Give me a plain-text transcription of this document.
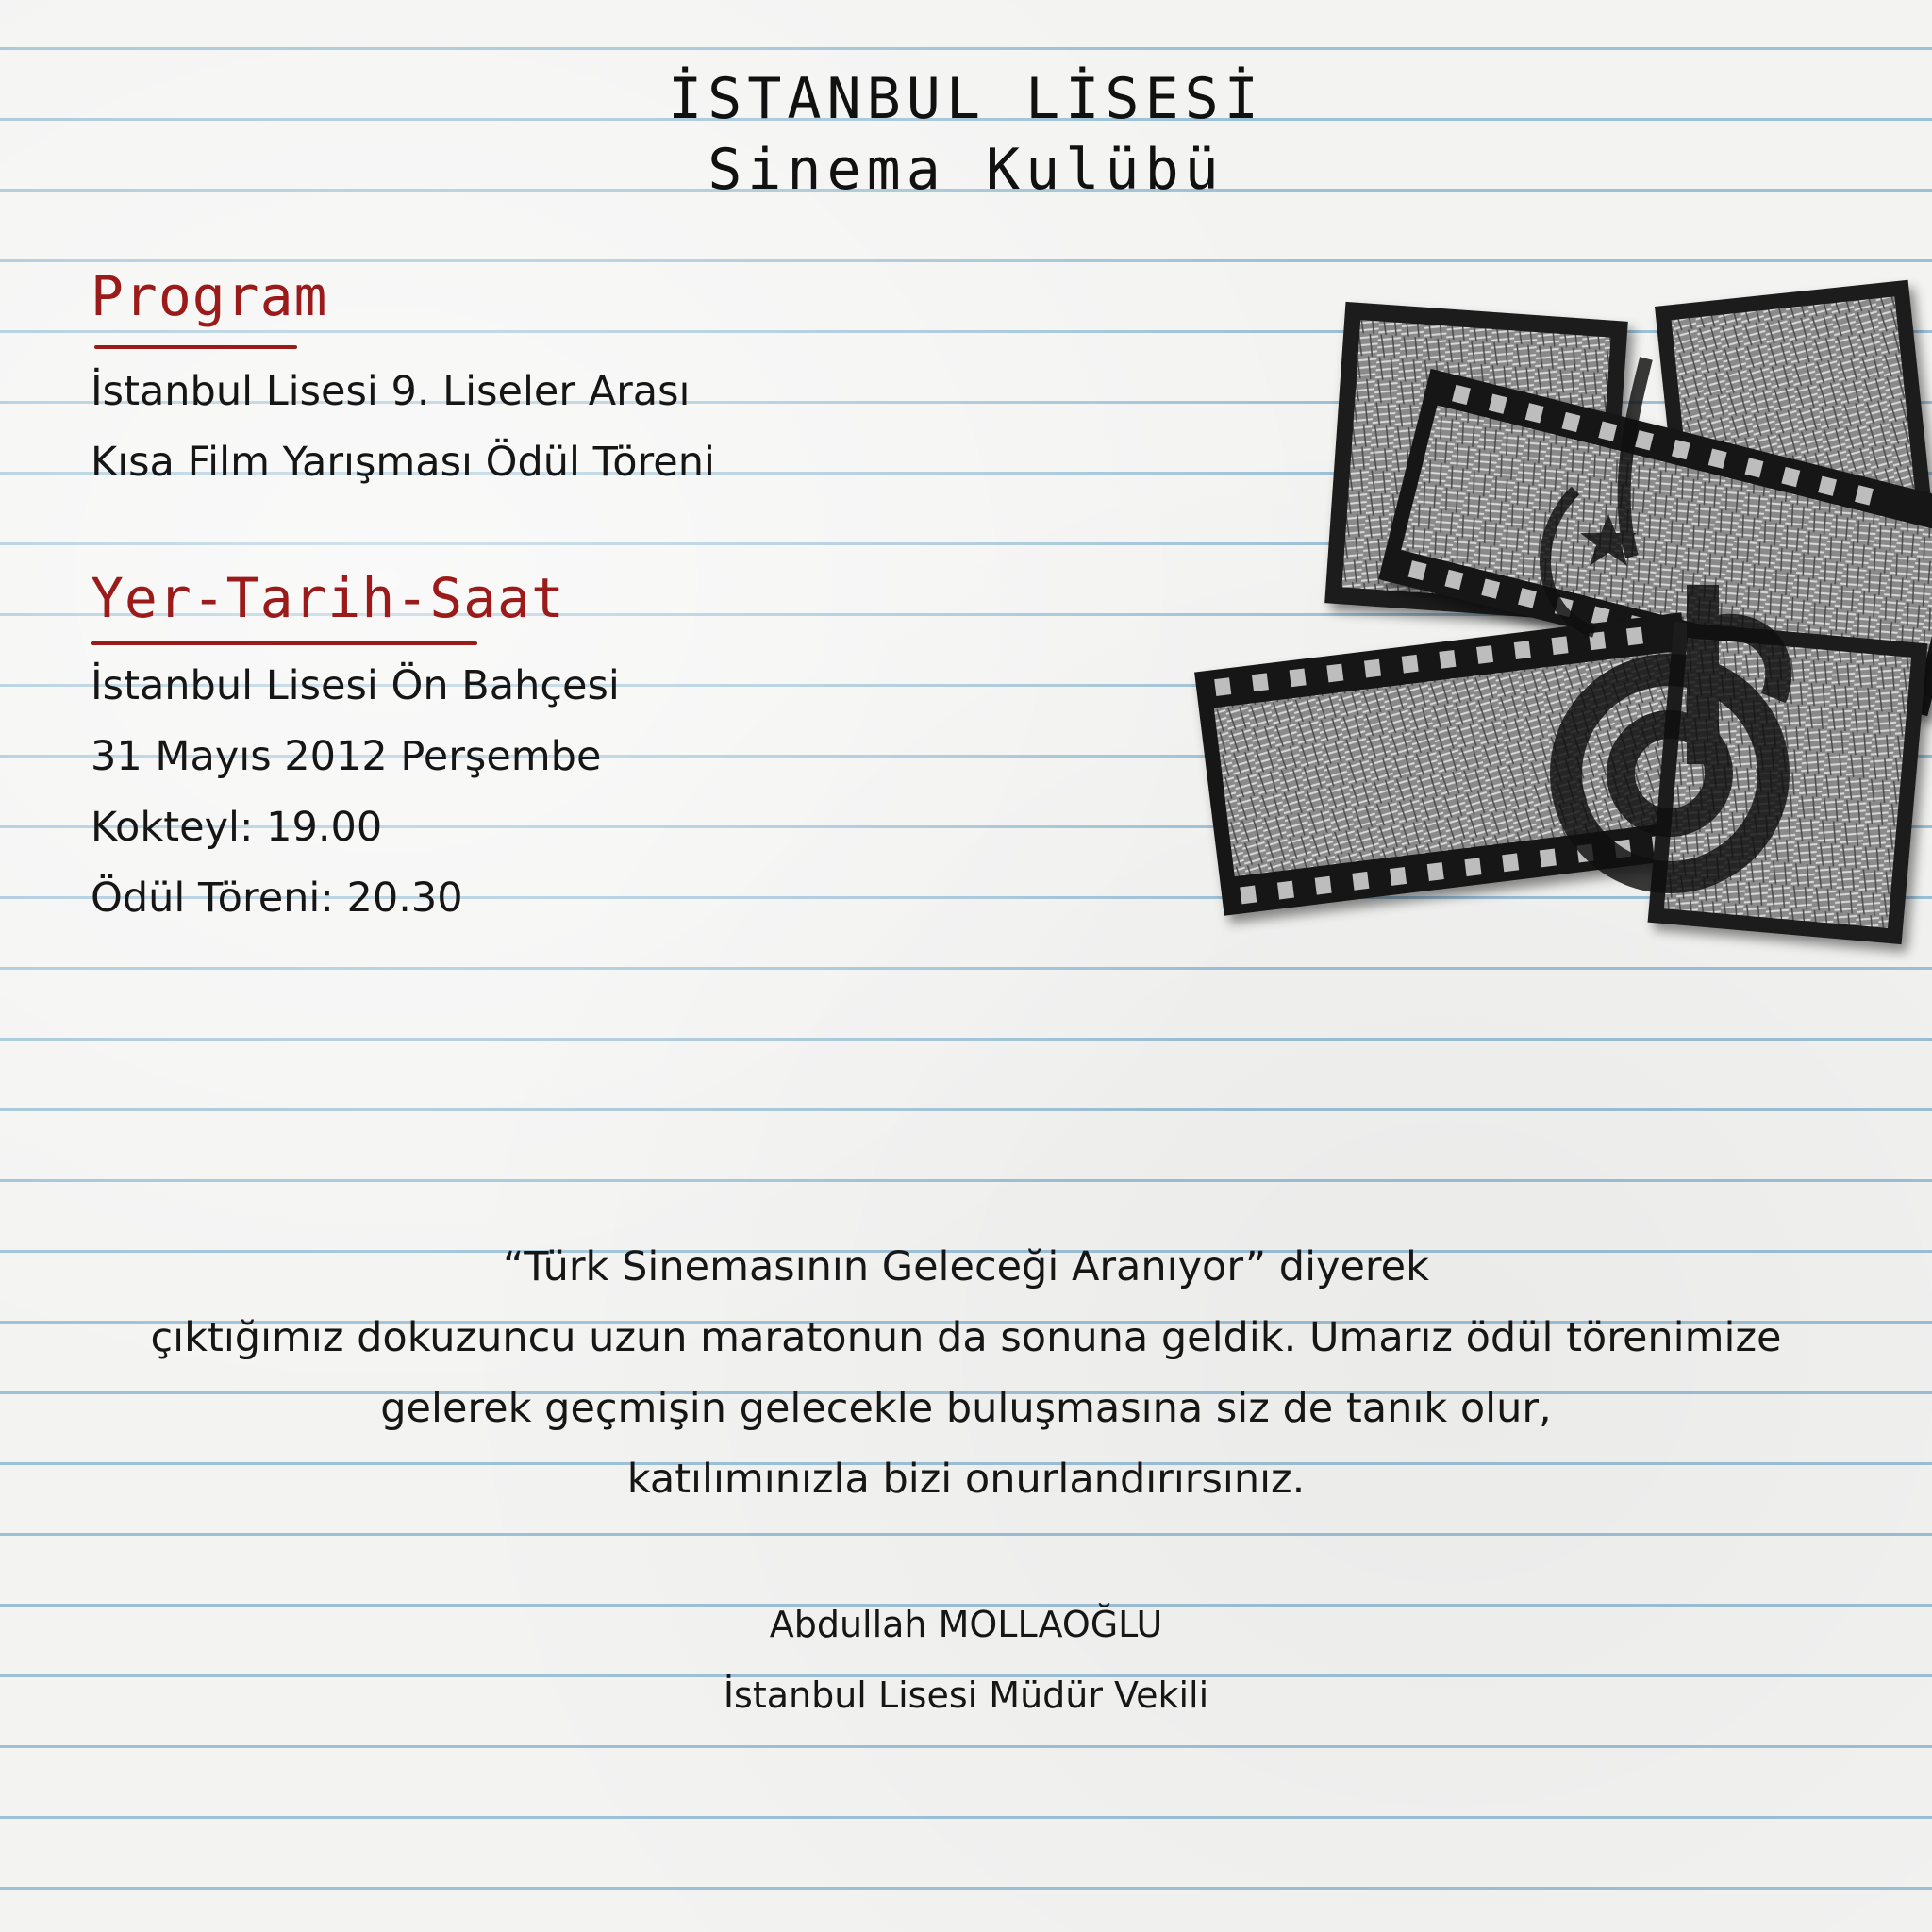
İSTANBUL LİSESİ
Sinema Kulübü
Program
İstanbul Lisesi 9. Liseler Arası
Kısa Film Yarışması Ödül Töreni
Yer-Tarih-Saat
İstanbul Lisesi Ön Bahçesi
31 Mayıs 2012 Perşembe
Kokteyl: 19.00
Ödül Töreni: 20.30
“Türk Sinemasının Geleceği Aranıyor” diyerek
çıktığımız dokuzuncu uzun maratonun da sonuna geldik. Umarız ödül törenimize
gelerek geçmişin gelecekle buluşmasına siz de tanık olur,
katılımınızla bizi onurlandırırsınız.
Abdullah MOLLAOĞLU
İstanbul Lisesi Müdür Vekili
